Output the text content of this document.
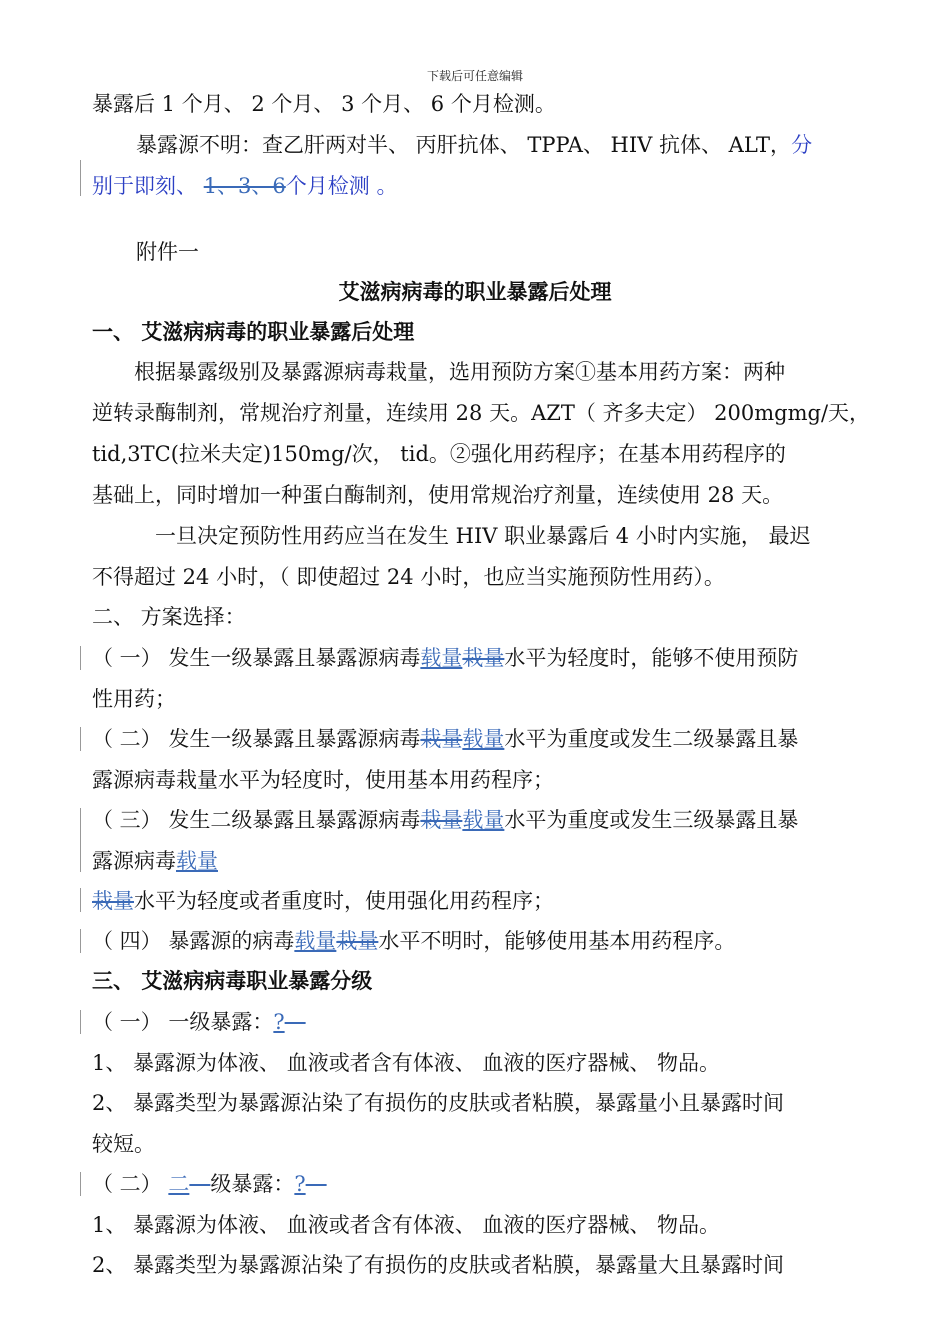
下载后可任意编辑
暴露后 1 个月、 2 个月、 3 个月、 6 个月检测。
暴露源不明：查乙肝两对半、 丙肝抗体、 TPPA、 HIV 抗体、 ALT，分
别于即刻、 1、3、6个月检测 。
附件一
艾滋病病毒的职业暴露后处理
一、 艾滋病病毒的职业暴露后处理
根据暴露级别及暴露源病毒栽量，选用预防方案①基本用药方案：两种
逆转录酶制剂，常规治疗剂量，连续用 28 天。AZT（ 齐多夫定） 200mgmg/天，
tid,3TC(拉米夫定)150mg/次， tid。②强化用药程序；在基本用药程序的
基础上，同时增加一种蛋白酶制剂，使用常规治疗剂量，连续使用 28 天。
一旦决定预防性用药应当在发生 HIV 职业暴露后 4 小时内实施， 最迟
不得超过 24 小时，（ 即使超过 24 小时，也应当实施预防性用药）。
二、 方案选择：
（ 一） 发生一级暴露且暴露源病毒载量栽量水平为轻度时，能够不使用预防
性用药；
（ 二） 发生一级暴露且暴露源病毒栽量载量水平为重度或发生二级暴露且暴
露源病毒栽量水平为轻度时，使用基本用药程序；
（ 三） 发生二级暴露且暴露源病毒栽量载量水平为重度或发生三级暴露且暴
露源病毒载量
栽量水平为轻度或者重度时，使用强化用药程序；
（ 四） 暴露源的病毒载量栽量水平不明时，能够使用基本用药程序。
三、 艾滋病病毒职业暴露分级
（ 一） 一级暴露：?—
1、 暴露源为体液、 血液或者含有体液、 血液的医疗器械、 物品。
2、 暴露类型为暴露源沾染了有损伤的皮肤或者粘膜，暴露量小且暴露时间
较短。
（ 二） 二—级暴露：?—
1、 暴露源为体液、 血液或者含有体液、 血液的医疗器械、 物品。
2、 暴露类型为暴露源沾染了有损伤的皮肤或者粘膜，暴露量大且暴露时间
